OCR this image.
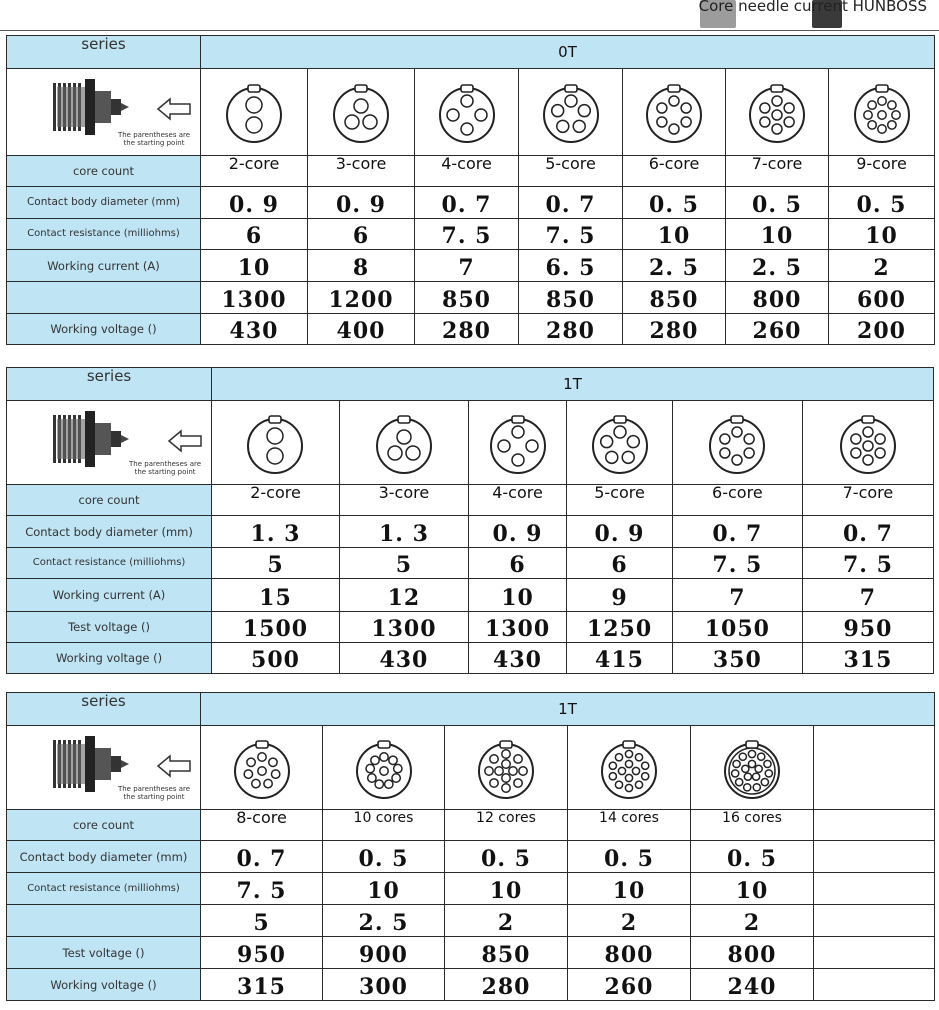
Core needle current HUNBOSS
series	0T						

The parentheses are the starting point

core count	2-core	3-core	4-core	5-core	6-core	7-core	9-core
Contact body diameter (mm)	0. 9	0. 9	0. 7	0. 7	0. 5	0. 5	0. 5
Contact resistance (milliohms)	6	6	7. 5	7. 5	10	10	10
Working current (A)	10	8	7	6. 5	2. 5	2. 5	2
	1300	1200	850	850	850	800	600
Working voltage ()	430	400	280	280	280	260	200
series	1T					

The parentheses are the starting point

core count	2-core	3-core	4-core	5-core	6-core	7-core
Contact body diameter (mm)	1. 3	1. 3	0. 9	0. 9	0. 7	0. 7
Contact resistance (milliohms)	5	5	6	6	7. 5	7. 5
Working current (A)	15	12	10	9	7	7
Test voltage ()	1500	1300	1300	1250	1050	950
Working voltage ()	500	430	430	415	350	315
series	1T					

The parentheses are the starting point

core count	8-core	10 cores	12 cores	14 cores	16 cores	
Contact body diameter (mm)	0. 7	0. 5	0. 5	0. 5	0. 5	
Contact resistance (milliohms)	7. 5	10	10	10	10	
	5	2. 5	2	2	2	
Test voltage ()	950	900	850	800	800	
Working voltage ()	315	300	280	260	240	
